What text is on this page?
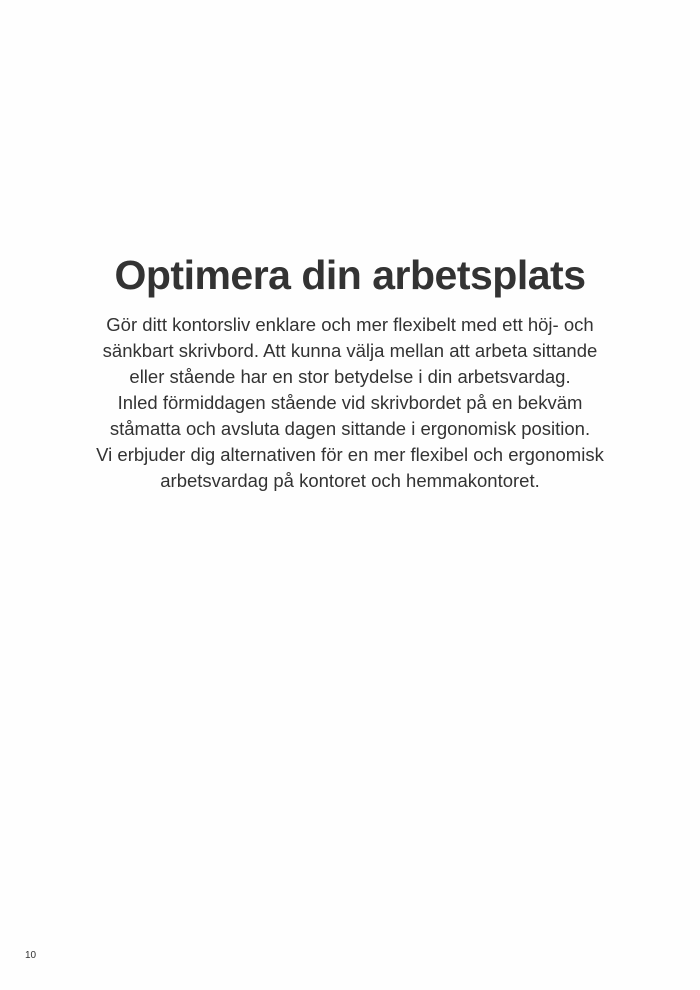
Optimera din arbetsplats

Gör ditt kontorsliv enklare och mer flexibelt med ett höj- och
sänkbart skrivbord. Att kunna välja mellan att arbeta sittande
eller stående har en stor betydelse i din arbetsvardag.
Inled förmiddagen stående vid skrivbordet på en bekväm
ståmatta och avsluta dagen sittande i ergonomisk position.
Vi erbjuder dig alternativen för en mer flexibel och ergonomisk
arbetsvardag på kontoret och hemmakontoret.

10
